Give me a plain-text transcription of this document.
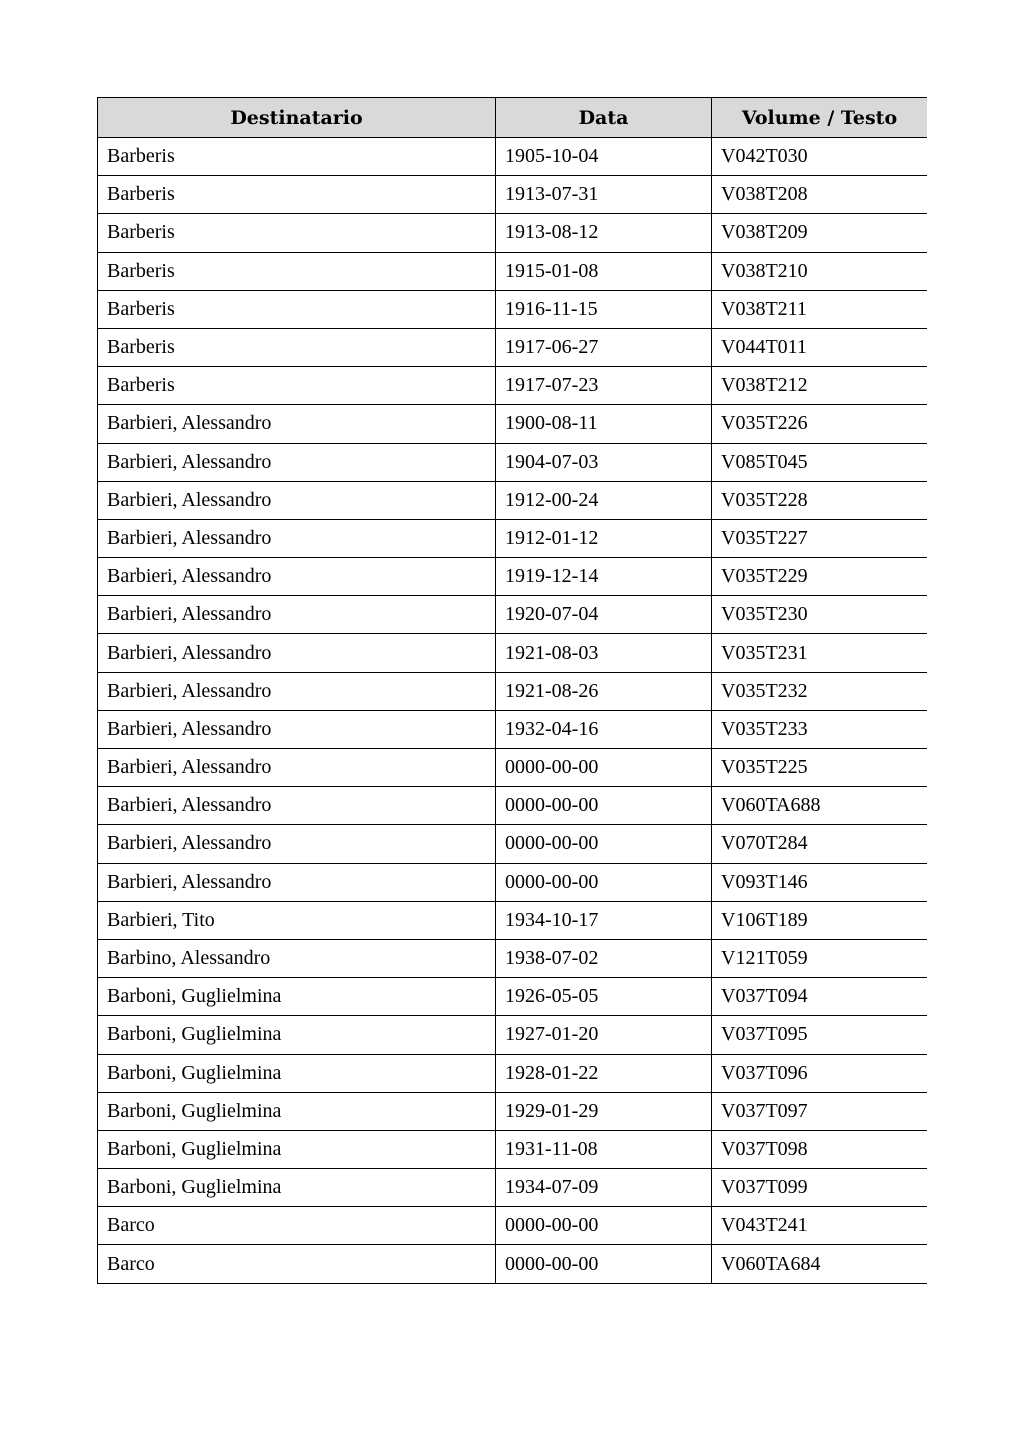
Destinatario	Data	Volume / Testo
Barberis	1905-10-04	V042T030
Barberis	1913-07-31	V038T208
Barberis	1913-08-12	V038T209
Barberis	1915-01-08	V038T210
Barberis	1916-11-15	V038T211
Barberis	1917-06-27	V044T011
Barberis	1917-07-23	V038T212
Barbieri, Alessandro	1900-08-11	V035T226
Barbieri, Alessandro	1904-07-03	V085T045
Barbieri, Alessandro	1912-00-24	V035T228
Barbieri, Alessandro	1912-01-12	V035T227
Barbieri, Alessandro	1919-12-14	V035T229
Barbieri, Alessandro	1920-07-04	V035T230
Barbieri, Alessandro	1921-08-03	V035T231
Barbieri, Alessandro	1921-08-26	V035T232
Barbieri, Alessandro	1932-04-16	V035T233
Barbieri, Alessandro	0000-00-00	V035T225
Barbieri, Alessandro	0000-00-00	V060TA688
Barbieri, Alessandro	0000-00-00	V070T284
Barbieri, Alessandro	0000-00-00	V093T146
Barbieri, Tito	1934-10-17	V106T189
Barbino, Alessandro	1938-07-02	V121T059
Barboni, Guglielmina	1926-05-05	V037T094
Barboni, Guglielmina	1927-01-20	V037T095
Barboni, Guglielmina	1928-01-22	V037T096
Barboni, Guglielmina	1929-01-29	V037T097
Barboni, Guglielmina	1931-11-08	V037T098
Barboni, Guglielmina	1934-07-09	V037T099
Barco	0000-00-00	V043T241
Barco	0000-00-00	V060TA684
